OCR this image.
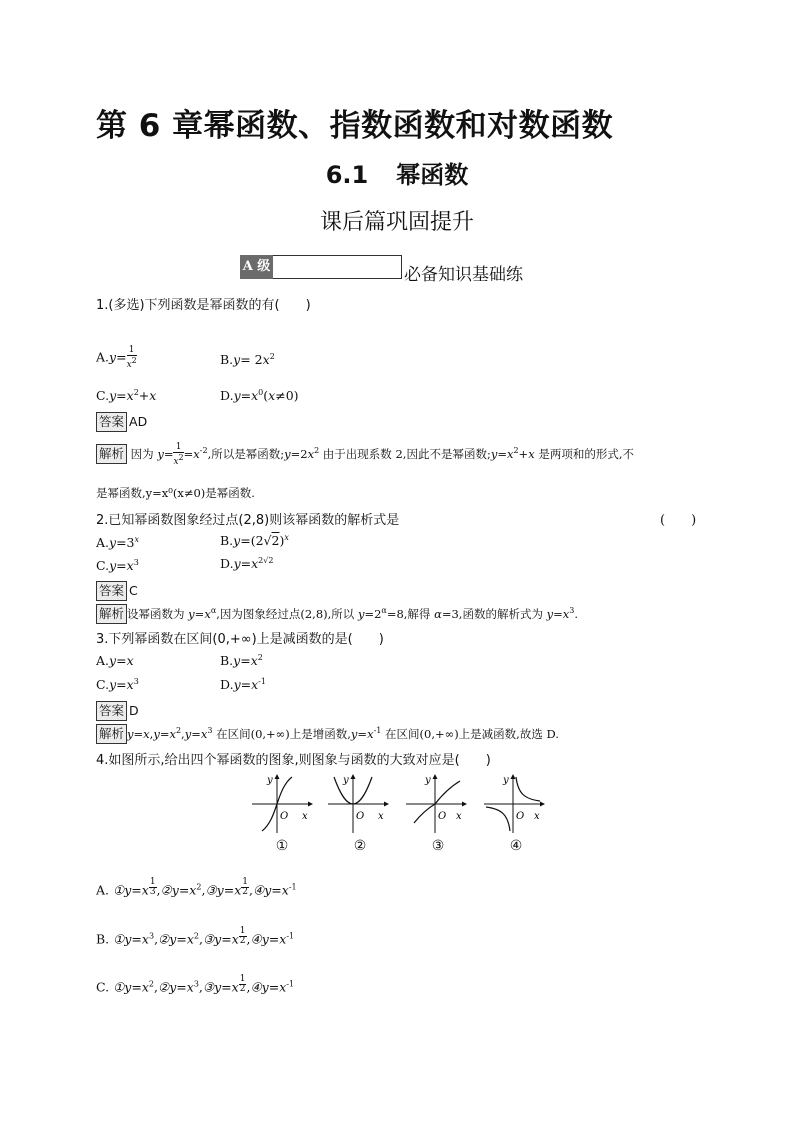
第 6 章幂函数、指数函数和对数函数
6.1 幂函数
课后篇巩固提升
A 级	必备知识基础练
1.(多选)下列函数是幂函数的有(　　)
$A.y= \frac{1}{x^2}$	$B.y= 2x^2$
$C.y=x^2+x$	$D.y=x^0(x\ne 0)$
答案 AD
解析 因为 $y= \frac{1}{x^2} =x^{-2}$,所以是幂函数$;y=2x^2$ 由于出现系数 2,因此不是幂函数$;y=x^2+x$ 是两项和的形式,不
是幂函数,y=x⁰(x≠0)是幂函数.
2.已知幂函数图象经过点(2,8)则该幂函数的解析式是	(　　)
$A.y=3^x$	$B.y=(2√2)^x$
$C.y=x^3$	$D.y=x^{2√2}$
答案 C
解析 设幂函数为 $y=x^\alpha$,因为图象经过点(2,8),所以 $y=2^\alpha=8$,解得 α=3,函数的解析式为 $y=x^3$.
3.下列幂函数在区间(0,+∞)上是减函数的是(　　)
A.y=x	$B.y=x^2$
$C.y=x^3$	$D.y=x^{-1}$
答案 D
解析 $y=x,y=x^2,y=x^3$ 在区间(0,+∞)上是增函数$,y=x^{-1}$ 在区间(0,+∞)上是减函数,故选 D.
4.如图所示,给出四个幂函数的图象,则图象与函数的大致对应是(　　)
y
x
O
y
x
O
y
x
O
y
x
O
①	②	③	④
A. ①y=x $^{\frac{1}{3}}$ $,②y=x^2,③y=x$ $^{\frac{1}{2}}$ $,④y=x^{-1}$
B. $①y=x^3,②y=x^2,③y=x$ $^{\frac{1}{2}}$ $,④y=x^{-1}$
C. $①y=x^2,②y=x^3,③y=x$ $^{\frac{1}{2}}$ $,④y=x^{-1}$
